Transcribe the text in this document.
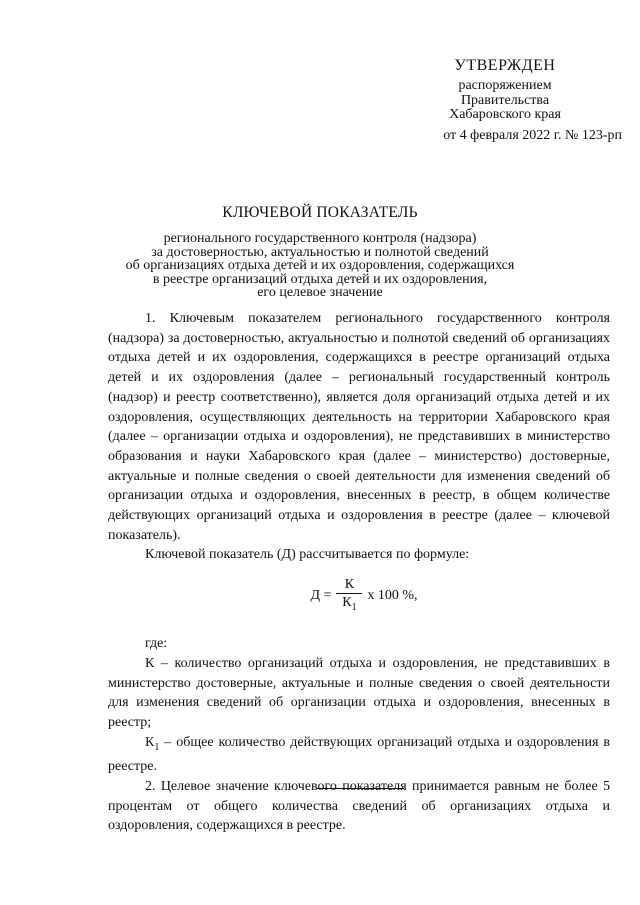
УТВЕРЖДЕН
распоряжением
Правительства
Хабаровского края
от 4 февраля 2022 г. № 123-рп
КЛЮЧЕВОЙ ПОКАЗАТЕЛЬ
регионального государственного контроля (надзора)
за достоверностью, актуальностью и полнотой сведений
об организациях отдыха детей и их оздоровления, содержащихся
в реестре организаций отдыха детей и их оздоровления,
его целевое значение

1. Ключевым показателем регионального государственного контроля (надзора) за достоверностью, актуальностью и полнотой сведений об организациях отдыха детей и их оздоровления, содержащихся в реестре организаций отдыха детей и их оздоровления (далее – региональный государственный контроль (надзор) и реестр соответственно), является доля организаций отдыха детей и их оздоровления, осуществляющих деятельность на территории Хабаровского края (далее – организации отдыха и оздоровления), не представивших в министерство образования и науки Хабаровского края (далее – министерство) достоверные, актуальные и полные сведения о своей деятельности для изменения сведений об организации отдыха и оздоровления, внесенных в реестр, в общем количестве действующих организаций отдыха и оздоровления в реестре (далее – ключевой показатель).

Ключевой показатель (Д) рассчитывается по формуле:

$Д = \frac{К}{К_1}$ x 100 %,

где:

К – количество организаций отдыха и оздоровления, не представивших в министерство достоверные, актуальные и полные сведения о своей деятельности для изменения сведений об организации отдыха и оздоровления, внесенных в реестр;

$К_1$ – общее количество действующих организаций отдыха и оздоровления в реестре.

2. Целевое значение ключевого показателя принимается равным не более 5 процентам от общего количества сведений об организациях отдыха и оздоровления, содержащихся в реестре.
